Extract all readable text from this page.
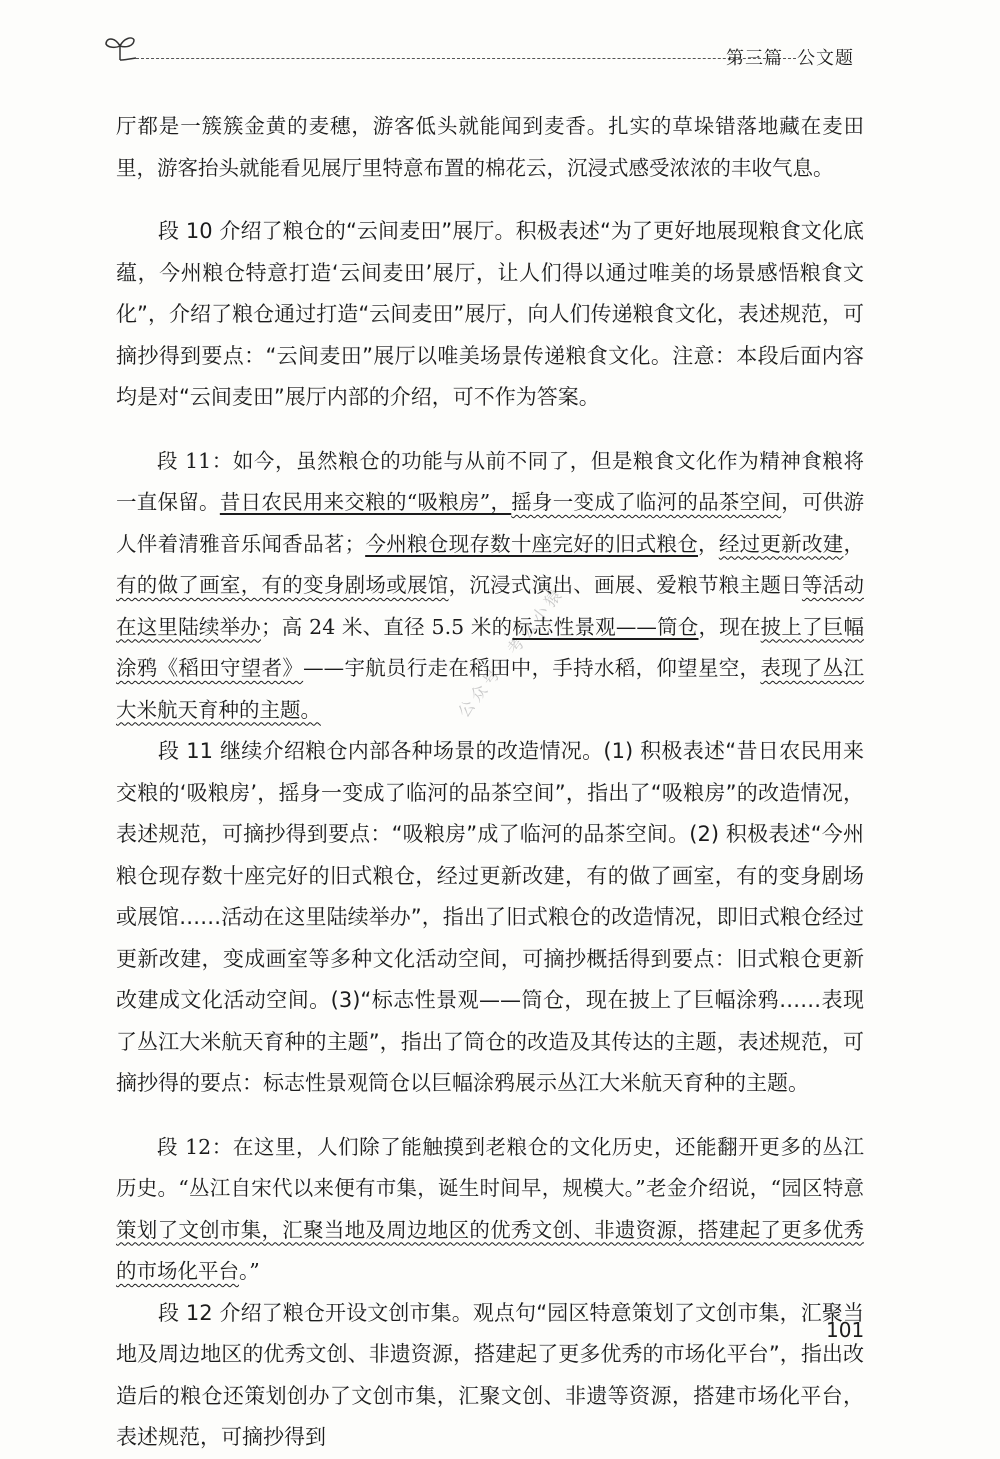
第三篇 公文题
公众号：考公小猿

厅都是一簇簇金黄的麦穗，游客低头就能闻到麦香。扎实的草垛错落地藏在麦田里，游客抬头就能看见展厅里特意布置的棉花云，沉浸式感受浓浓的丰收气息。

段 10 介绍了粮仓的“云间麦田”展厅。积极表述“为了更好地展现粮食文化底蕴，今州粮仓特意打造‘云间麦田’展厅，让人们得以通过唯美的场景感悟粮食文化”，介绍了粮仓通过打造“云间麦田”展厅，向人们传递粮食文化，表述规范，可摘抄得到要点：“云间麦田”展厅以唯美场景传递粮食文化。注意：本段后面内容均是对“云间麦田”展厅内部的介绍，可不作为答案。

段 11：如今，虽然粮仓的功能与从前不同了，但是粮食文化作为精神食粮将一直保留。昔日农民用来交粮的“吸粮房”，摇身一变成了临河的品茶空间，可供游人伴着清雅音乐闻香品茗；今州粮仓现存数十座完好的旧式粮仓，经过更新改建，有的做了画室，有的变身剧场或展馆，沉浸式演出、画展、爱粮节粮主题日等活动在这里陆续举办；高 24 米、直径 5.5 米的标志性景观——筒仓，现在披上了巨幅涂鸦《稻田守望者》——宇航员行走在稻田中，手持水稻，仰望星空，表现了丛江大米航天育种的主题。

段 11 继续介绍粮仓内部各种场景的改造情况。(1) 积极表述“昔日农民用来交粮的‘吸粮房’，摇身一变成了临河的品茶空间”，指出了“吸粮房”的改造情况，表述规范，可摘抄得到要点：“吸粮房”成了临河的品茶空间。(2) 积极表述“今州粮仓现存数十座完好的旧式粮仓，经过更新改建，有的做了画室，有的变身剧场或展馆……活动在这里陆续举办”，指出了旧式粮仓的改造情况，即旧式粮仓经过更新改建，变成画室等多种文化活动空间，可摘抄概括得到要点：旧式粮仓更新改建成文化活动空间。(3)“标志性景观——筒仓，现在披上了巨幅涂鸦……表现了丛江大米航天育种的主题”，指出了筒仓的改造及其传达的主题，表述规范，可摘抄得的要点：标志性景观筒仓以巨幅涂鸦展示丛江大米航天育种的主题。

段 12：在这里，人们除了能触摸到老粮仓的文化历史，还能翻开更多的丛江历史。“丛江自宋代以来便有市集，诞生时间早，规模大。”老金介绍说，“园区特意策划了文创市集，汇聚当地及周边地区的优秀文创、非遗资源，搭建起了更多优秀的市场化平台。”

段 12 介绍了粮仓开设文创市集。观点句“园区特意策划了文创市集，汇聚当地及周边地区的优秀文创、非遗资源，搭建起了更多优秀的市场化平台”，指出改造后的粮仓还策划创办了文创市集，汇聚文创、非遗等资源，搭建市场化平台，表述规范，可摘抄得到

101
